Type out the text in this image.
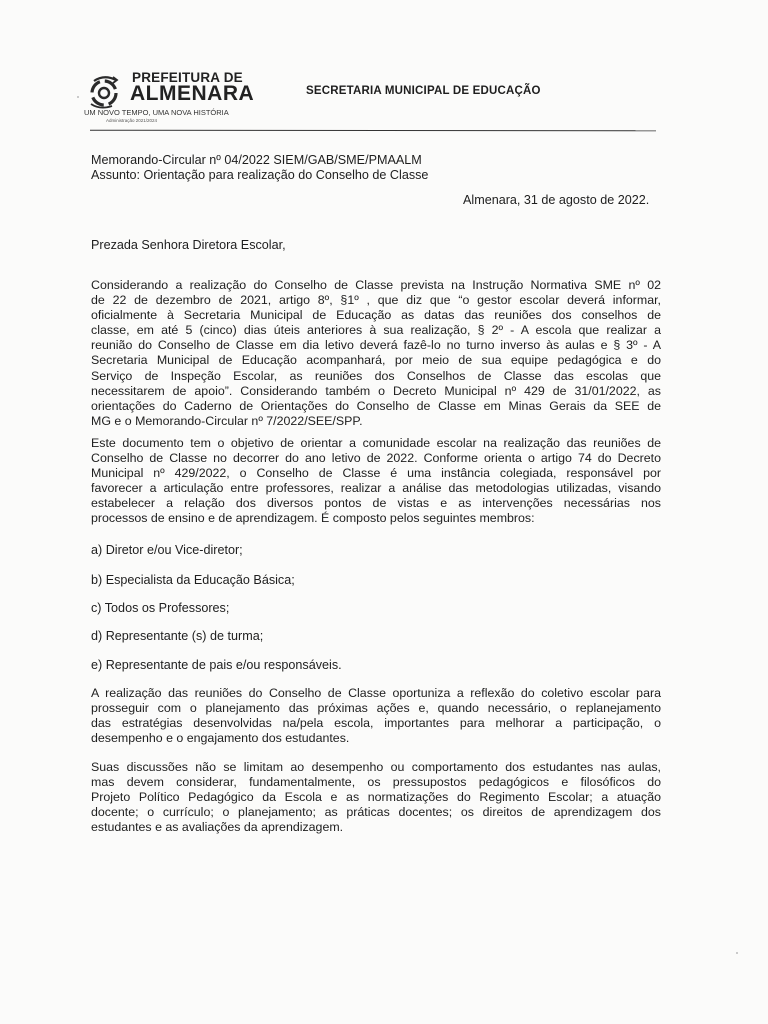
PREFEITURA DE
ALMENARA
UM NOVO TEMPO, UMA NOVA HISTÓRIA
Administração 2021/2024
SECRETARIA MUNICIPAL DE EDUCAÇÃO
Memorando-Circular nº 04/2022 SIEM/GAB/SME/PMAALM
Assunto: Orientação para realização do Conselho de Classe
Almenara, 31 de agosto de 2022.
Prezada Senhora Diretora Escolar,
Considerando a realização do Conselho de Classe prevista na Instrução Normativa SME nº 02
de 22 de dezembro de 2021, artigo 8º, §1º , que diz que “o gestor escolar deverá informar,
oficialmente à Secretaria Municipal de Educação as datas das reuniões dos conselhos de
classe, em até 5 (cinco) dias úteis anteriores à sua realização, § 2º - A escola que realizar a
reunião do Conselho de Classe em dia letivo deverá fazê-lo no turno inverso às aulas e § 3º - A
Secretaria Municipal de Educação acompanhará, por meio de sua equipe pedagógica e do
Serviço de Inspeção Escolar, as reuniões dos Conselhos de Classe das escolas que
necessitarem de apoio”. Considerando também o Decreto Municipal nº 429 de 31/01/2022, as
orientações do Caderno de Orientações do Conselho de Classe em Minas Gerais da SEE de
MG e o Memorando-Circular nº 7/2022/SEE/SPP.
Este documento tem o objetivo de orientar a comunidade escolar na realização das reuniões de
Conselho de Classe no decorrer do ano letivo de 2022. Conforme orienta o artigo 74 do Decreto
Municipal nº 429/2022, o Conselho de Classe é uma instância colegiada, responsável por
favorecer a articulação entre professores, realizar a análise das metodologias utilizadas, visando
estabelecer a relação dos diversos pontos de vistas e as intervenções necessárias nos
processos de ensino e de aprendizagem. É composto pelos seguintes membros:
a) Diretor e/ou Vice-diretor;
b) Especialista da Educação Básica;
c) Todos os Professores;
d) Representante (s) de turma;
e) Representante de pais e/ou responsáveis.
A realização das reuniões do Conselho de Classe oportuniza a reflexão do coletivo escolar para
prosseguir com o planejamento das próximas ações e, quando necessário, o replanejamento
das estratégias desenvolvidas na/pela escola, importantes para melhorar a participação, o
desempenho e o engajamento dos estudantes.
Suas discussões não se limitam ao desempenho ou comportamento dos estudantes nas aulas,
mas devem considerar, fundamentalmente, os pressupostos pedagógicos e filosóficos do
Projeto Político Pedagógico da Escola e as normatizações do Regimento Escolar; a atuação
docente; o currículo; o planejamento; as práticas docentes; os direitos de aprendizagem dos
estudantes e as avaliações da aprendizagem.
